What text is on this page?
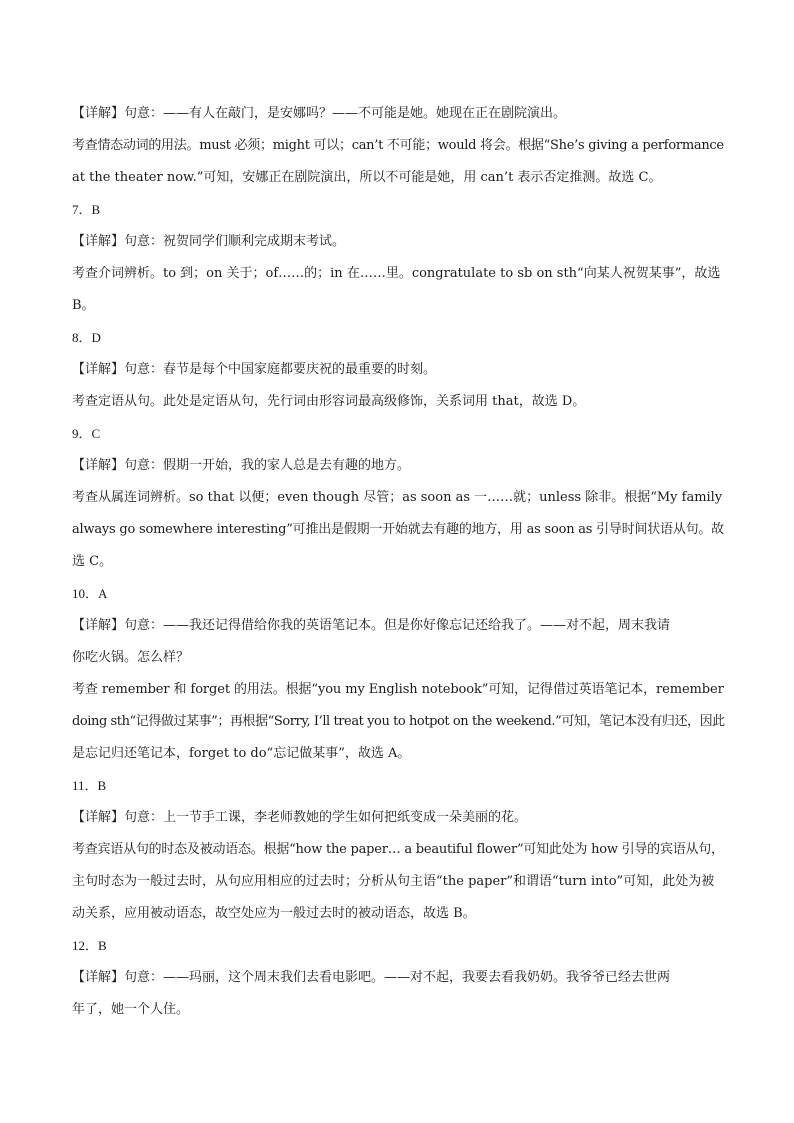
【详解】句意：——有人在敲门，是安娜吗？——不可能是她。她现在正在剧院演出。
考查情态动词的用法。must 必须；might 可以；can’t 不可能；would 将会。根据“She’s giving a performance
at the theater now.”可知，安娜正在剧院演出，所以不可能是她，用 can’t 表示否定推测。故选 C。
7．B
【详解】句意：祝贺同学们顺利完成期末考试。
考查介词辨析。to 到；on 关于；of……的；in 在……里。congratulate to sb on sth“向某人祝贺某事”，故选
B。
8．D
【详解】句意：春节是每个中国家庭都要庆祝的最重要的时刻。
考查定语从句。此处是定语从句，先行词由形容词最高级修饰，关系词用 that，故选 D。
9．C
【详解】句意：假期一开始，我的家人总是去有趣的地方。
考查从属连词辨析。so that 以便；even though 尽管；as soon as 一……就；unless 除非。根据“My family
always go somewhere interesting”可推出是假期一开始就去有趣的地方，用 as soon as 引导时间状语从句。故
选 C。
10．A
【详解】句意：——我还记得借给你我的英语笔记本。但是你好像忘记还给我了。——对不起，周末我请
你吃火锅。怎么样？
考查 remember 和 forget 的用法。根据“you my English notebook”可知，记得借过英语笔记本，remember
doing sth“记得做过某事”；再根据“Sorry, I’ll treat you to hotpot on the weekend.”可知，笔记本没有归还，因此
是忘记归还笔记本，forget to do“忘记做某事”，故选 A。
11．B
【详解】句意：上一节手工课，李老师教她的学生如何把纸变成一朵美丽的花。
考查宾语从句的时态及被动语态。根据“how the paper… a beautiful flower”可知此处为 how 引导的宾语从句，
主句时态为一般过去时，从句应用相应的过去时；分析从句主语“the paper”和谓语“turn into”可知，此处为被
动关系，应用被动语态，故空处应为一般过去时的被动语态，故选 B。
12．B
【详解】句意：——玛丽，这个周末我们去看电影吧。——对不起，我要去看我奶奶。我爷爷已经去世两
年了，她一个人住。
